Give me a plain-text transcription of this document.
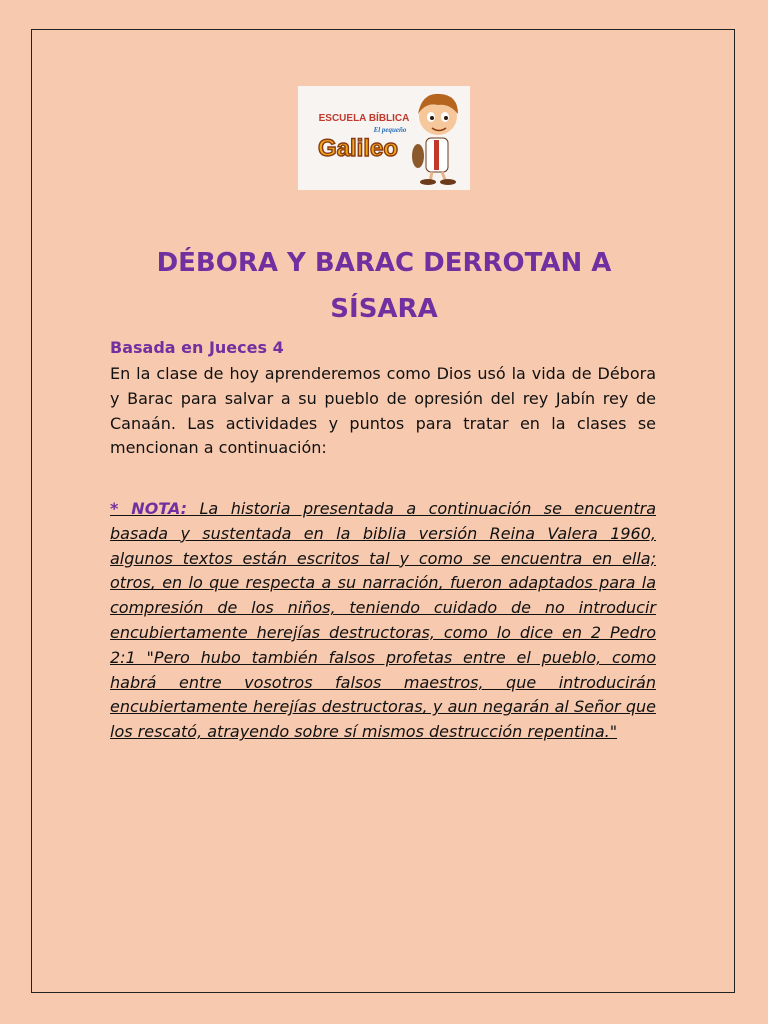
ESCUELA BÍBLICA
El pequeño
Galileo
DÉBORA Y BARAC DERROTAN A SÍSARA
Basada en Jueces 4

En la clase de hoy aprenderemos como Dios usó la vida de Débora y Barac para salvar a su pueblo de opresión del rey Jabín rey de Canaán. Las actividades y puntos para tratar en la clases se mencionan a continuación:

* NOTA: La historia presentada a continuación se encuentra basada y sustentada en la biblia versión Reina Valera 1960, algunos textos están escritos tal y como se encuentra en ella; otros, en lo que respecta a su narración, fueron adaptados para la compresión de los niños, teniendo cuidado de no introducir encubiertamente herejías destructoras, como lo dice en 2 Pedro 2:1 "Pero hubo también falsos profetas entre el pueblo, como habrá entre vosotros falsos maestros, que introducirán encubiertamente herejías destructoras, y aun negarán al Señor que los rescató, atrayendo sobre sí mismos destrucción repentina."
